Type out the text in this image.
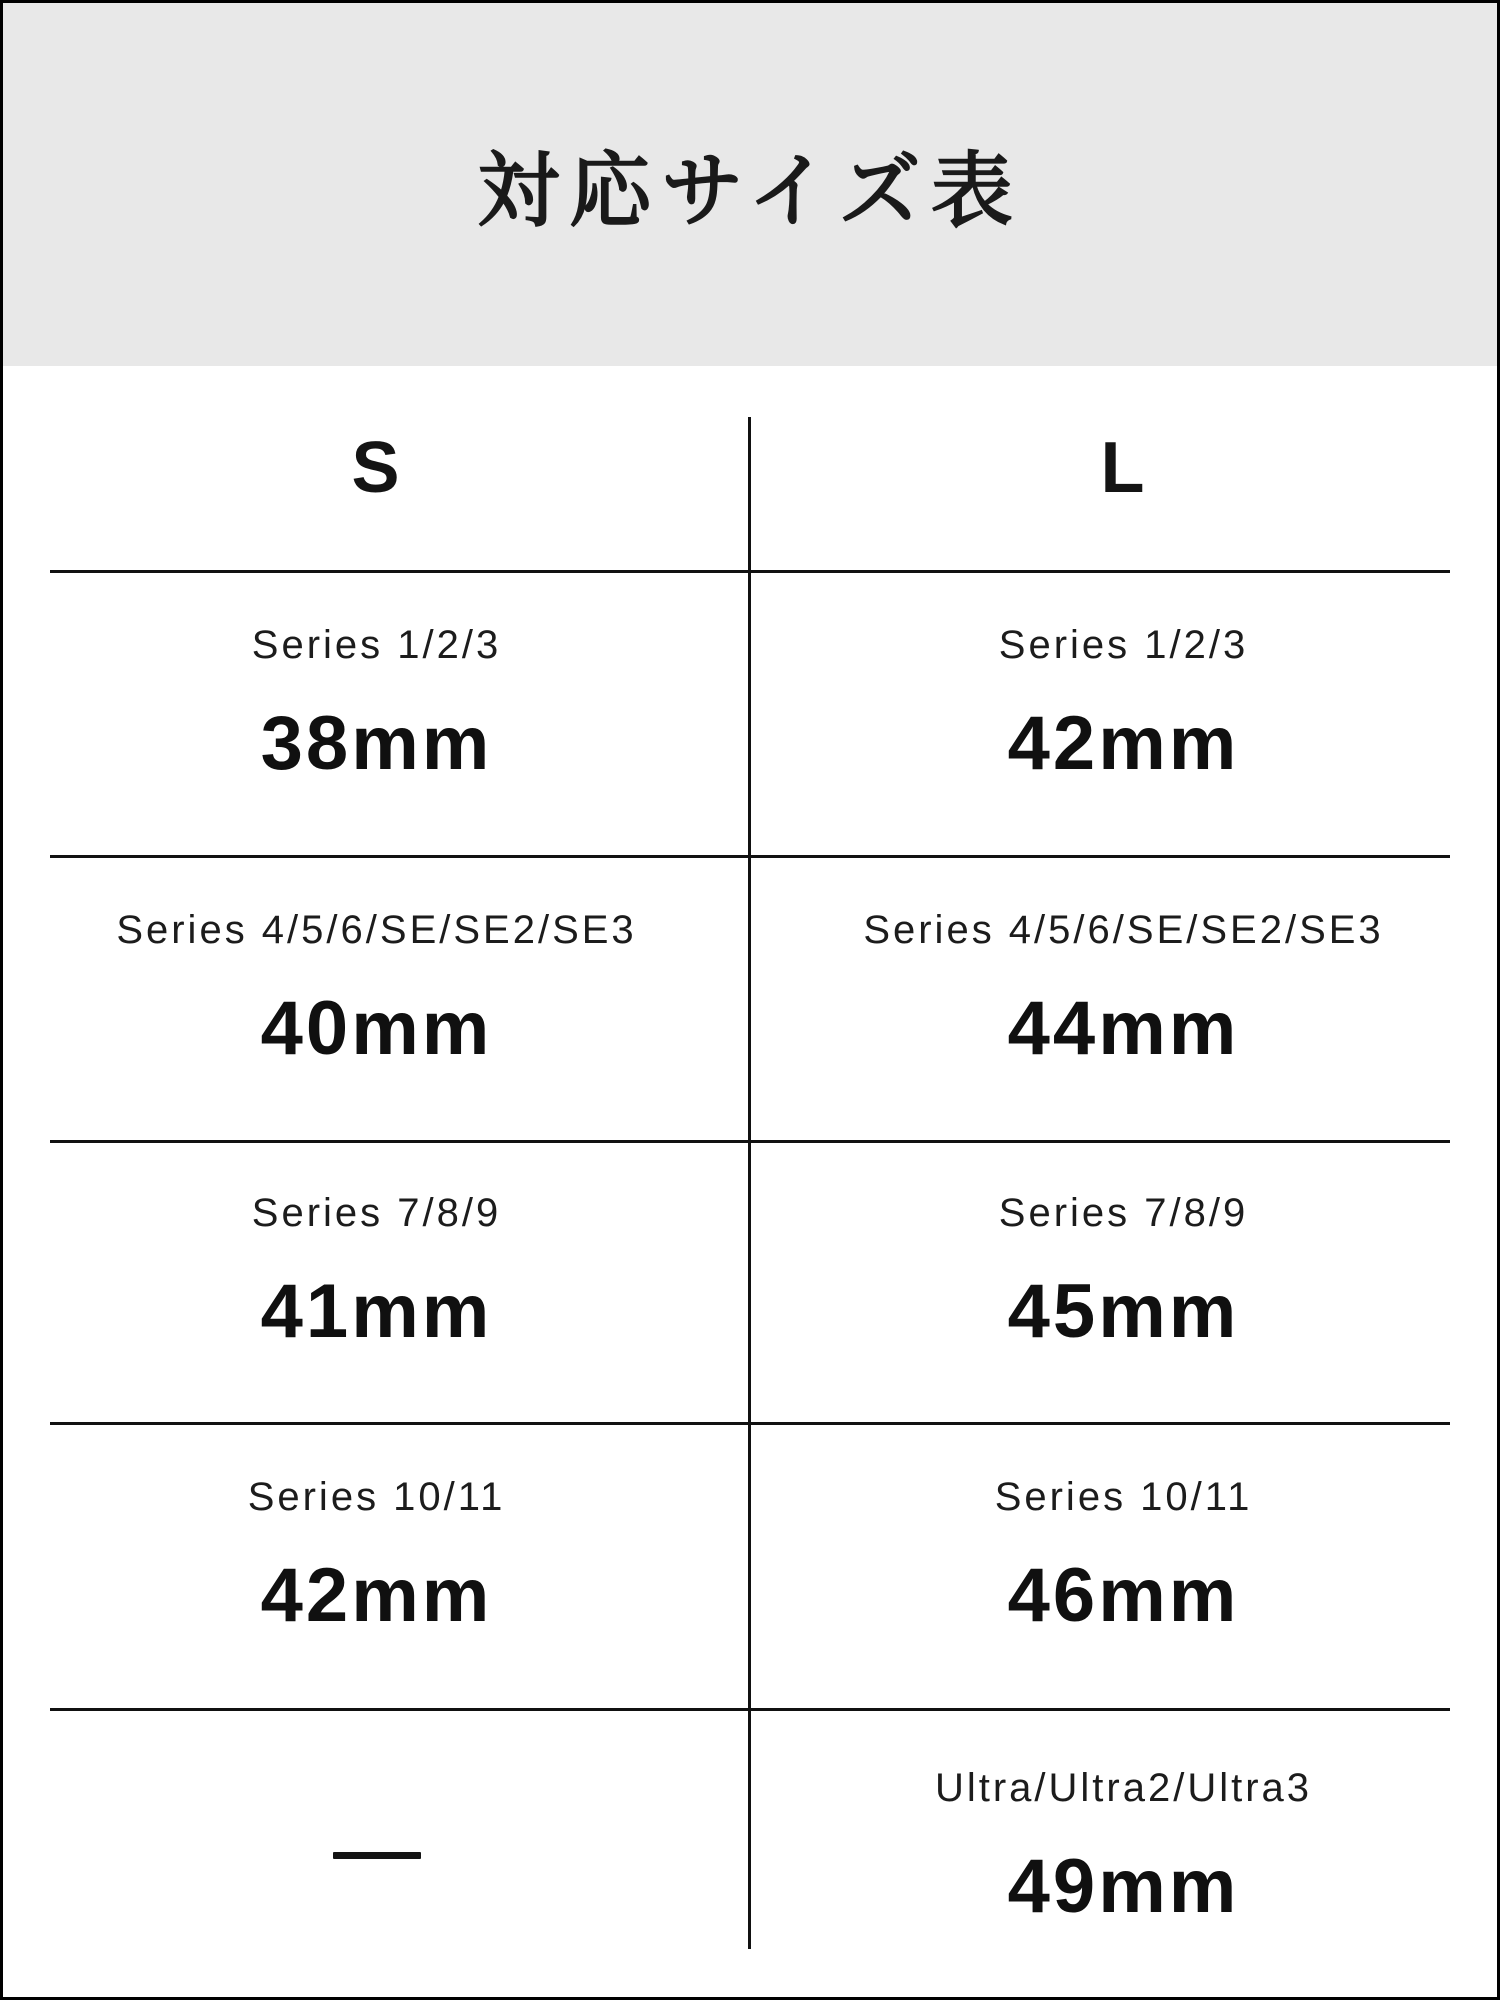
対応サイズ表
S	L
Series 1/2/3
38mm
Series 1/2/3
42mm
Series 4/5/6/SE/SE2/SE3
40mm
Series 4/5/6/SE/SE2/SE3
44mm
Series 7/8/9
41mm
Series 7/8/9
45mm
Series 10/11
42mm
Series 10/11
46mm
Ultra/Ultra2/Ultra3
49mm
